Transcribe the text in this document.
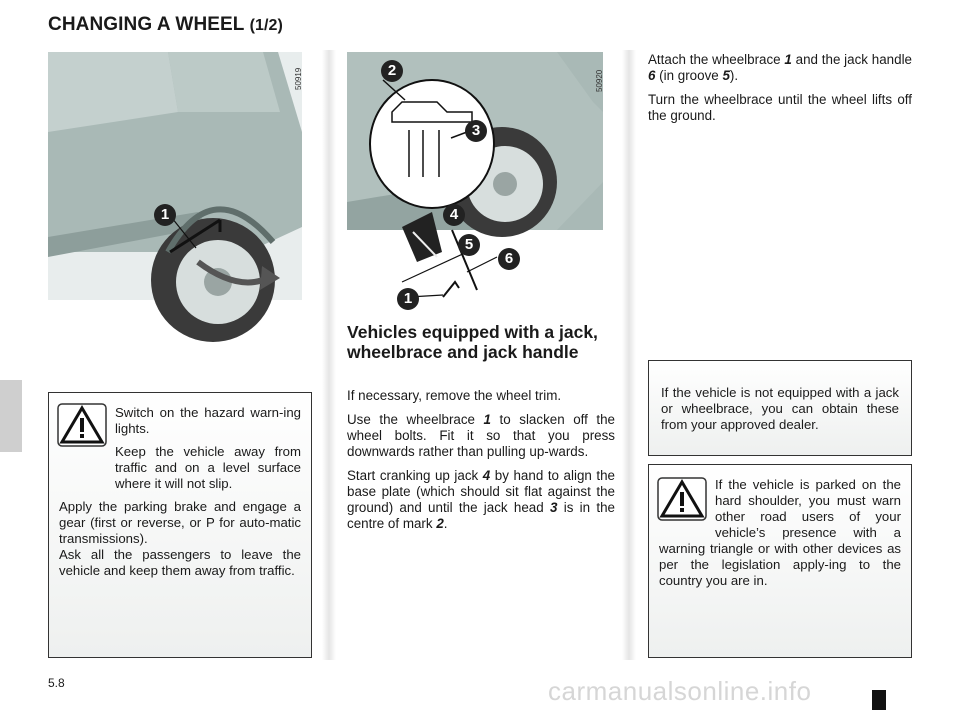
CHANGING A WHEEL (1/2)
50919
1
50920
2
3
4
5
6
1

Switch on the hazard warn-ing lights.

Keep the vehicle away from traffic and on a level surface where it will not slip.

Apply the parking brake and engage a gear (first or reverse, or P for auto-matic transmissions).

Ask all the passengers to leave the vehicle and keep them away from traffic.

Vehicles equipped with a jack, wheelbrace and jack handle

If necessary, remove the wheel trim.

Use the wheelbrace 1 to slacken off the wheel bolts. Fit it so that you press downwards rather than pulling up-wards.

Start cranking up jack 4 by hand to align the base plate (which should sit flat against the ground) and until the jack head 3 is in the centre of mark 2.

Attach the wheelbrace 1 and the jack handle 6 (in groove 5).

Turn the wheelbrace until the wheel lifts off the ground.

If the vehicle is not equipped with a jack or wheelbrace, you can obtain these from your approved dealer.

If the vehicle is parked on the hard shoulder, you must warn other road users of your vehicle’s presence with a warning triangle or with other devices as per the legislation apply-ing to the country you are in.

5.8	carmanualsonline.info
